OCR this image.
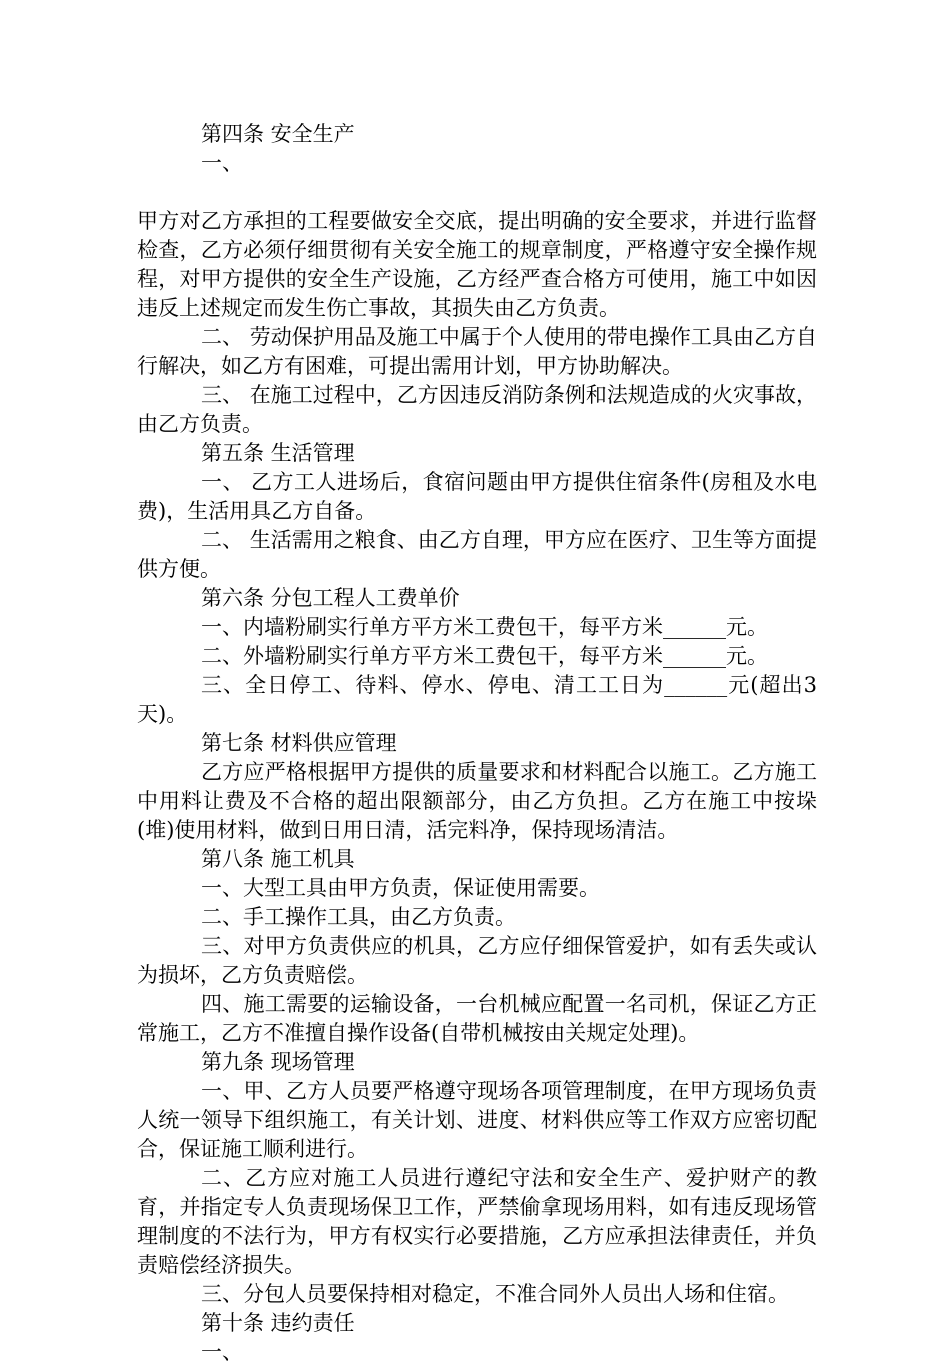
第四条 安全生产

一、

甲方对乙方承担的工程要做安全交底，提出明确的安全要求，并进行监督检查，乙方必须仔细贯彻有关安全施工的规章制度，严格遵守安全操作规程，对甲方提供的安全生产设施，乙方经严查合格方可使用，施工中如因违反上述规定而发生伤亡事故，其损失由乙方负责。

二、 劳动保护用品及施工中属于个人使用的带电操作工具由乙方自行解决，如乙方有困难，可提出需用计划，甲方协助解决。

三、 在施工过程中，乙方因违反消防条例和法规造成的火灾事故，由乙方负责。

第五条 生活管理

一、 乙方工人进场后，食宿问题由甲方提供住宿条件(房租及水电费)，生活用具乙方自备。

二、 生活需用之粮食、由乙方自理，甲方应在医疗、卫生等方面提供方便。

第六条 分包工程人工费单价

一、内墙粉刷实行单方平方米工费包干，每平方米______元。

二、外墙粉刷实行单方平方米工费包干，每平方米______元。

三、全日停工、待料、停水、停电、清工工日为______元(超出3天)。

第七条 材料供应管理

乙方应严格根据甲方提供的质量要求和材料配合以施工。乙方施工中用料让费及不合格的超出限额部分，由乙方负担。乙方在施工中按垛(堆)使用材料，做到日用日清，活完料净，保持现场清洁。

第八条 施工机具

一、大型工具由甲方负责，保证使用需要。

二、手工操作工具，由乙方负责。

三、对甲方负责供应的机具，乙方应仔细保管爱护，如有丢失或认为损坏，乙方负责赔偿。

四、施工需要的运输设备，一台机械应配置一名司机，保证乙方正常施工，乙方不准擅自操作设备(自带机械按由关规定处理)。

第九条 现场管理

一、甲、乙方人员要严格遵守现场各项管理制度，在甲方现场负责人统一领导下组织施工，有关计划、进度、材料供应等工作双方应密切配合，保证施工顺利进行。

二、乙方应对施工人员进行遵纪守法和安全生产、爱护财产的教育，并指定专人负责现场保卫工作，严禁偷拿现场用料，如有违反现场管理制度的不法行为，甲方有权实行必要措施，乙方应承担法律责任，并负责赔偿经济损失。

三、分包人员要保持相对稳定，不准合同外人员出人场和住宿。

第十条 违约责任

一、
